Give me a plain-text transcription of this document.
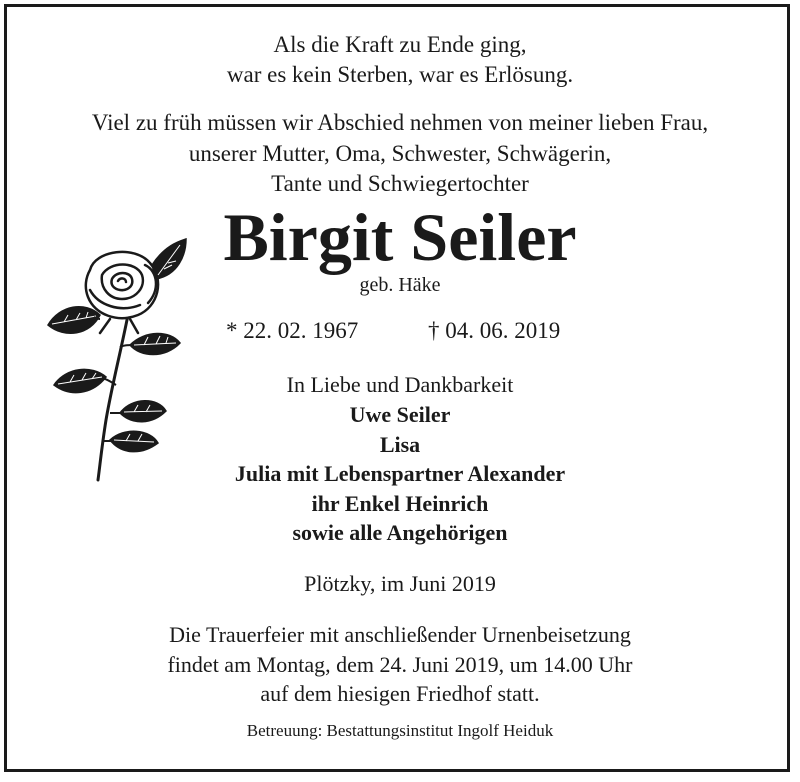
Als die Kraft zu Ende ging,
war es kein Sterben, war es Erlösung.
Viel zu früh müssen wir Abschied nehmen von meiner lieben Frau,
unserer Mutter, Oma, Schwester, Schwägerin,
Tante und Schwiegertochter
Birgit Seiler
geb. Häke
* 22. 02. 1967	† 04. 06. 2019
In Liebe und Dankbarkeit
Uwe Seiler
Lisa
Julia mit Lebenspartner Alexander
ihr Enkel Heinrich
sowie alle Angehörigen
Plötzky, im Juni 2019
Die Trauerfeier mit anschließender Urnenbeisetzung
findet am Montag, dem 24. Juni 2019, um 14.00 Uhr
auf dem hiesigen Friedhof statt.
Betreuung: Bestattungsinstitut Ingolf Heiduk
